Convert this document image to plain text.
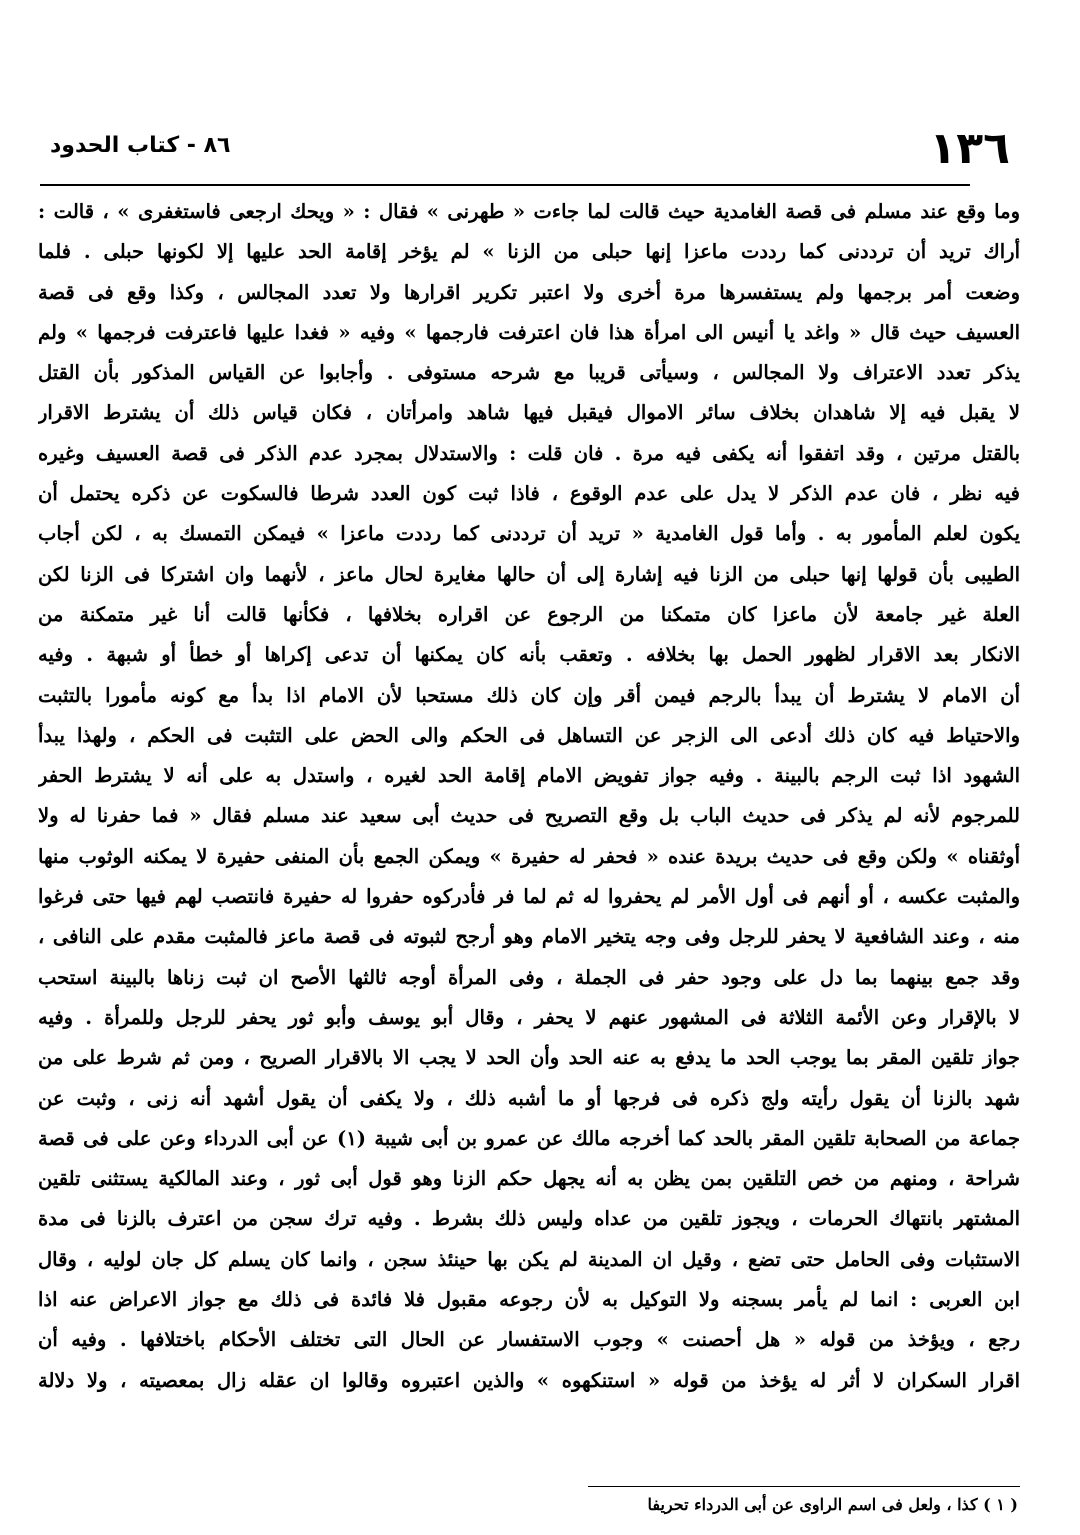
١٣٦
٨٦ - كتاب الحدود
وما وقع عند مسلم فى قصة الغامدية حيث قالت لما جاءت « طهرنى » فقال : « ويحك ارجعى فاستغفرى » ، قالت :
أراك تريد أن ترددنى كما رددت ماعزا إنها حبلى من الزنا » لم يؤخر إقامة الحد عليها إلا لكونها حبلى . فلما
وضعت أمر برجمها ولم يستفسرها مرة أخرى ولا اعتبر تكرير اقرارها ولا تعدد المجالس ، وكذا وقع فى قصة
العسيف حيث قال « واغد يا أنيس الى امرأة هذا فان اعترفت فارجمها » وفيه « فغدا عليها فاعترفت فرجمها » ولم
يذكر تعدد الاعتراف ولا المجالس ، وسيأتى قريبا مع شرحه مستوفى . وأجابوا عن القياس المذكور بأن القتل
لا يقبل فيه إلا شاهدان بخلاف سائر الاموال فيقبل فيها شاهد وامرأتان ، فكان قياس ذلك أن يشترط الاقرار
بالقتل مرتين ، وقد اتفقوا أنه يكفى فيه مرة . فان قلت : والاستدلال بمجرد عدم الذكر فى قصة العسيف وغيره
فيه نظر ، فان عدم الذكر لا يدل على عدم الوقوع ، فاذا ثبت كون العدد شرطا فالسكوت عن ذكره يحتمل أن
يكون لعلم المأمور به . وأما قول الغامدية « تريد أن ترددنى كما رددت ماعزا » فيمكن التمسك به ، لكن أجاب
الطيبى بأن قولها إنها حبلى من الزنا فيه إشارة إلى أن حالها مغايرة لحال ماعز ، لأنهما وان اشتركا فى الزنا لكن
العلة غير جامعة لأن ماعزا كان متمكنا من الرجوع عن اقراره بخلافها ، فكأنها قالت أنا غير متمكنة من
الانكار بعد الاقرار لظهور الحمل بها بخلافه . وتعقب بأنه كان يمكنها أن تدعى إكراها أو خطأ أو شبهة . وفيه
أن الامام لا يشترط أن يبدأ بالرجم فيمن أقر وإن كان ذلك مستحبا لأن الامام اذا بدأ مع كونه مأمورا بالتثبت
والاحتياط فيه كان ذلك أدعى الى الزجر عن التساهل فى الحكم والى الحض على التثبت فى الحكم ، ولهذا يبدأ
الشهود اذا ثبت الرجم بالبينة . وفيه جواز تفويض الامام إقامة الحد لغيره ، واستدل به على أنه لا يشترط الحفر
للمرجوم لأنه لم يذكر فى حديث الباب بل وقع التصريح فى حديث أبى سعيد عند مسلم فقال « فما حفرنا له ولا
أوثقناه » ولكن وقع فى حديث بريدة عنده « فحفر له حفيرة » ويمكن الجمع بأن المنفى حفيرة لا يمكنه الوثوب منها
والمثبت عكسه ، أو أنهم فى أول الأمر لم يحفروا له ثم لما فر فأدركوه حفروا له حفيرة فانتصب لهم فيها حتى فرغوا
منه ، وعند الشافعية لا يحفر للرجل وفى وجه يتخير الامام وهو أرجح لثبوته فى قصة ماعز فالمثبت مقدم على النافى ،
وقد جمع بينهما بما دل على وجود حفر فى الجملة ، وفى المرأة أوجه ثالثها الأصح ان ثبت زناها بالبينة استحب
لا بالإقرار وعن الأئمة الثلاثة فى المشهور عنهم لا يحفر ، وقال أبو يوسف وأبو ثور يحفر للرجل وللمرأة . وفيه
جواز تلقين المقر بما يوجب الحد ما يدفع به عنه الحد وأن الحد لا يجب الا بالاقرار الصريح ، ومن ثم شرط على من
شهد بالزنا أن يقول رأيته ولج ذكره فى فرجها أو ما أشبه ذلك ، ولا يكفى أن يقول أشهد أنه زنى ، وثبت عن
جماعة من الصحابة تلقين المقر بالحد كما أخرجه مالك عن عمرو بن أبى شيبة (١) عن أبى الدرداء وعن على فى قصة
شراحة ، ومنهم من خص التلقين بمن يظن به أنه يجهل حكم الزنا وهو قول أبى ثور ، وعند المالكية يستثنى تلقين
المشتهر بانتهاك الحرمات ، ويجوز تلقين من عداه وليس ذلك بشرط . وفيه ترك سجن من اعترف بالزنا فى مدة
الاستثبات وفى الحامل حتى تضع ، وقيل ان المدينة لم يكن بها حينئذ سجن ، وانما كان يسلم كل جان لوليه ، وقال
ابن العربى : انما لم يأمر بسجنه ولا التوكيل به لأن رجوعه مقبول فلا فائدة فى ذلك مع جواز الاعراض عنه اذا
رجع ، ويؤخذ من قوله « هل أحصنت » وجوب الاستفسار عن الحال التى تختلف الأحكام باختلافها . وفيه أن
اقرار السكران لا أثر له يؤخذ من قوله « استنكهوه » والذين اعتبروه وقالوا ان عقله زال بمعصيته ، ولا دلالة
( ١ ) كذا ، ولعل فى اسم الراوى عن أبى الدرداء تحريفا
